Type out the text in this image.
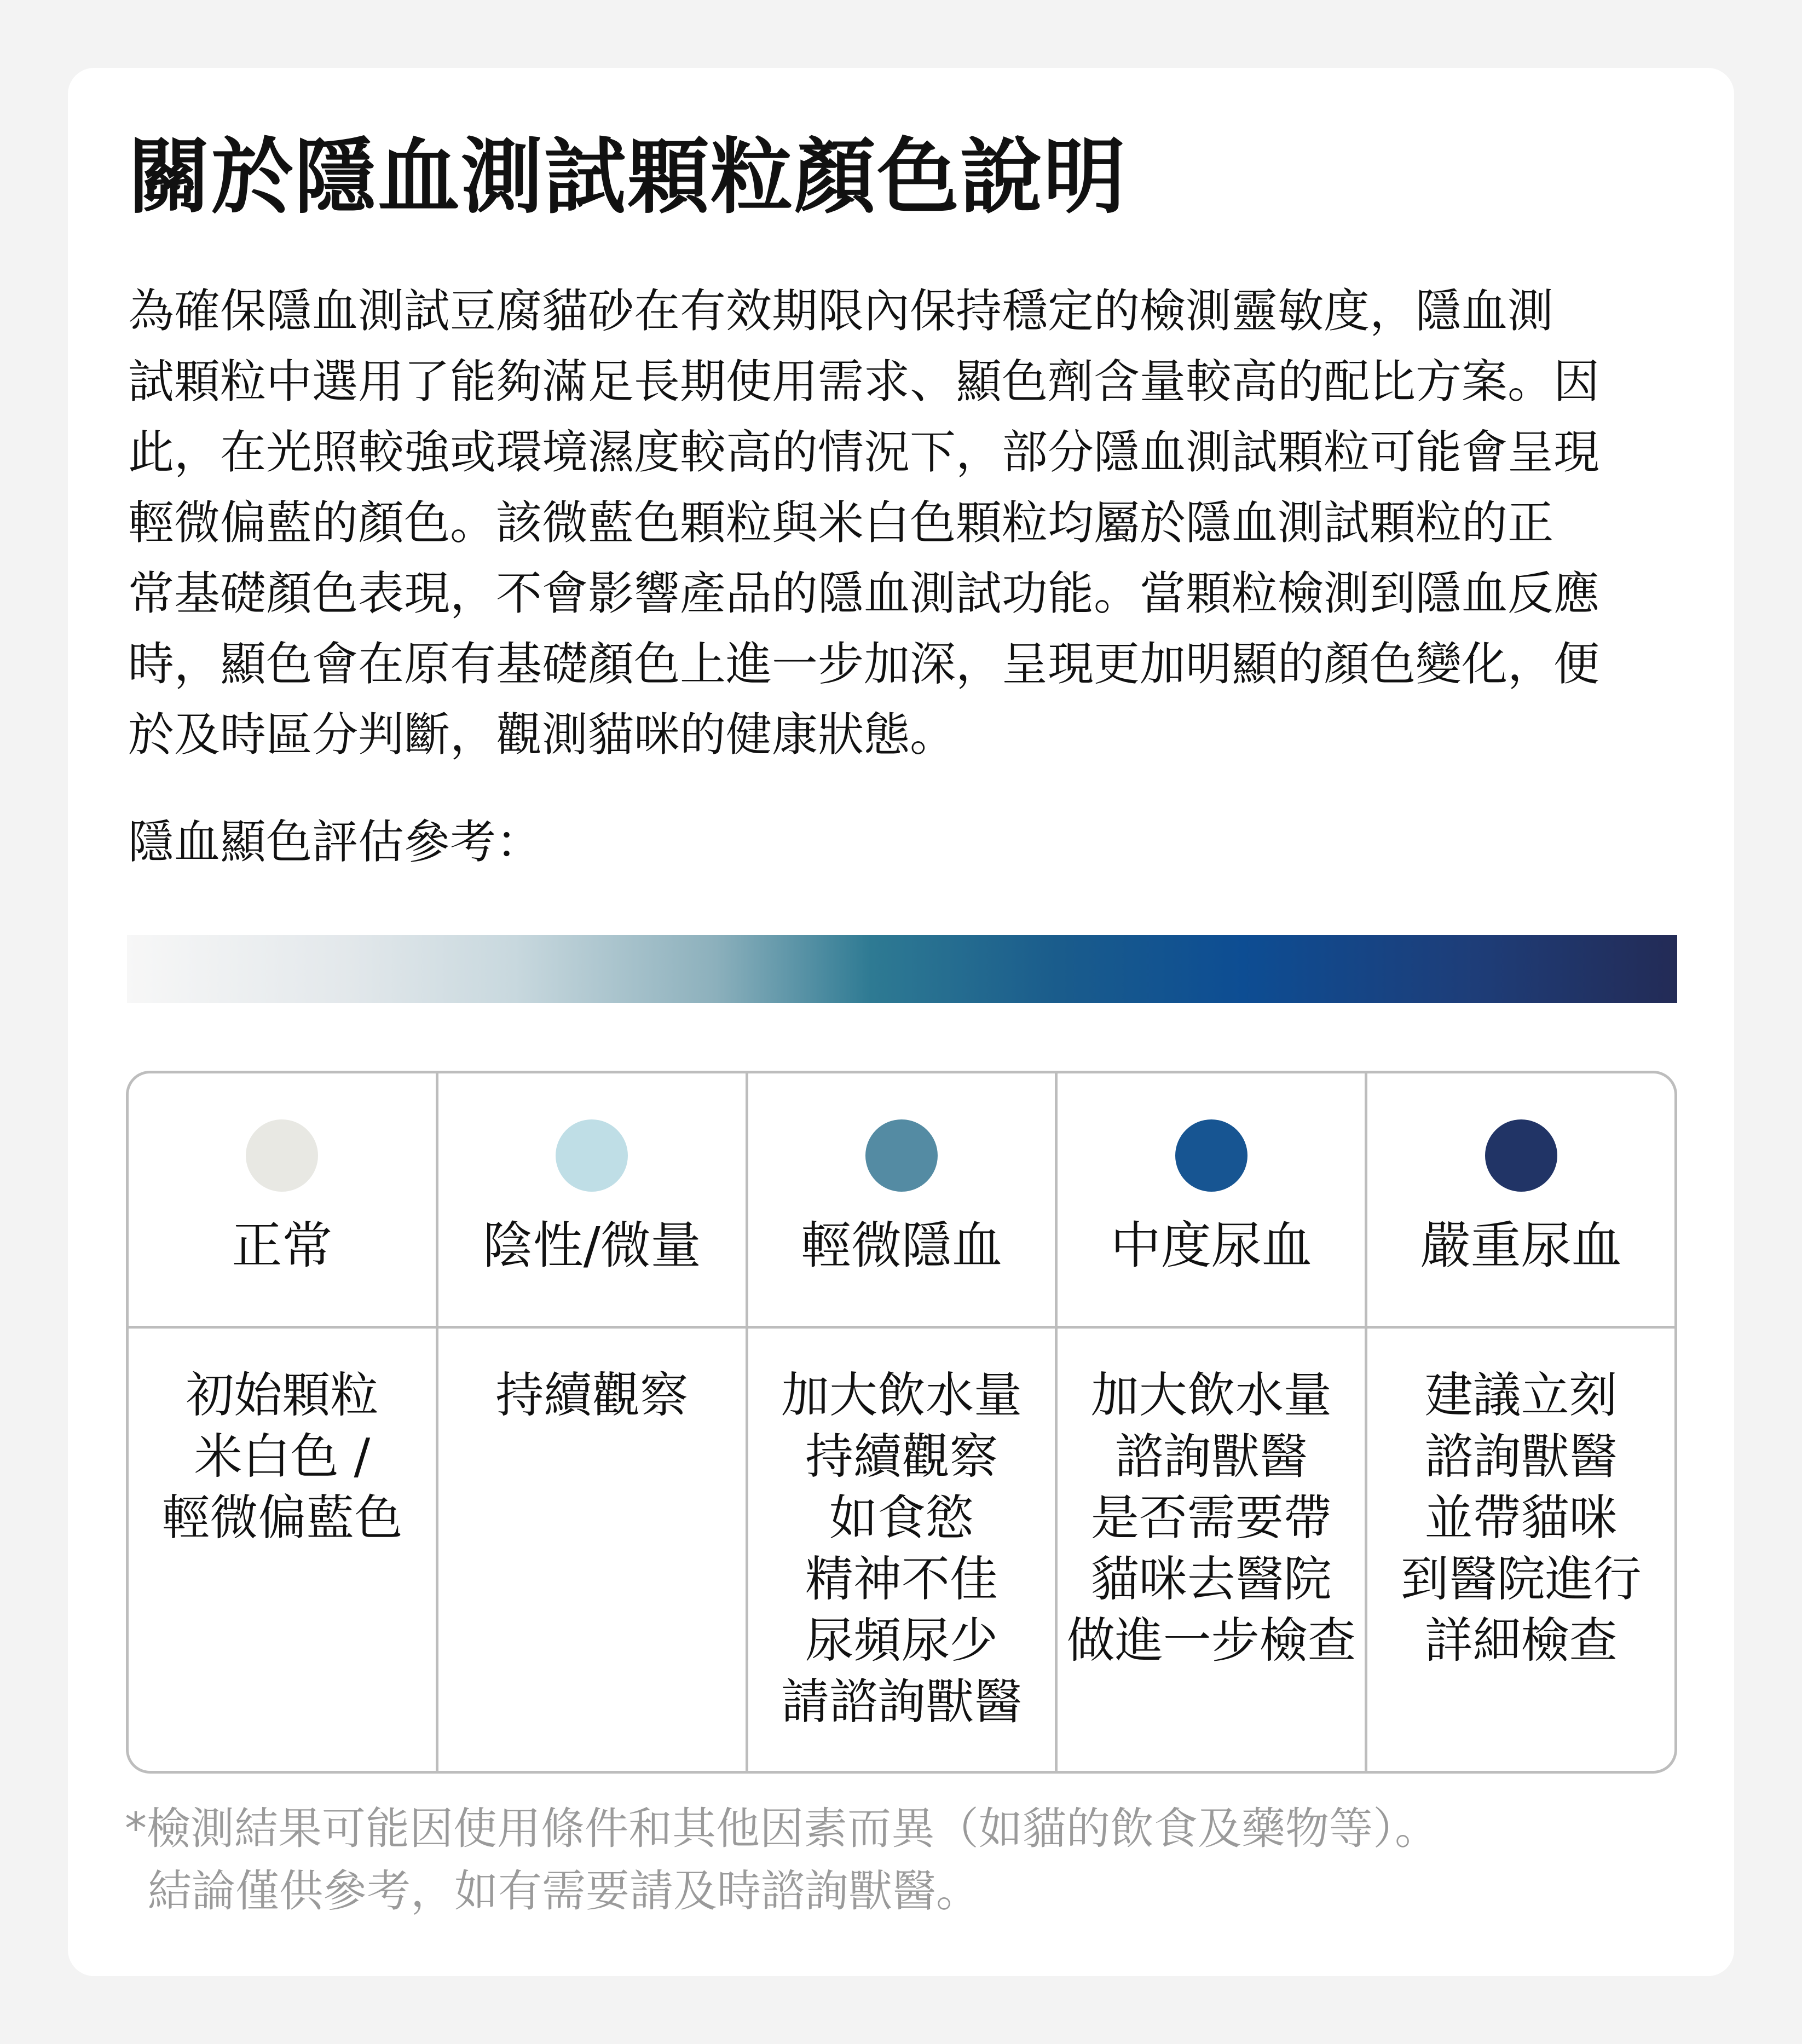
關於隱血測試顆粒顏色說明
為確保隱血測試豆腐貓砂在有效期限內保持穩定的檢測靈敏度，隱血測
試顆粒中選用了能夠滿足長期使用需求、顯色劑含量較高的配比方案。因
此，在光照較強或環境濕度較高的情況下，部分隱血測試顆粒可能會呈現
輕微偏藍的顏色。該微藍色顆粒與米白色顆粒均屬於隱血測試顆粒的正
常基礎顏色表現，不會影響產品的隱血測試功能。當顆粒檢測到隱血反應
時，顯色會在原有基礎顏色上進一步加深，呈現更加明顯的顏色變化，便
於及時區分判斷，觀測貓咪的健康狀態。
隱血顯色評估參考：
正常
初始顆粒
米白色 /
輕微偏藍色
陰性/微量
持續觀察
輕微隱血
加大飲水量
持續觀察
如食慾
精神不佳
尿頻尿少
請諮詢獸醫
中度尿血
加大飲水量
諮詢獸醫
是否需要帶
貓咪去醫院
做進一步檢查
嚴重尿血
建議立刻
諮詢獸醫
並帶貓咪
到醫院進行
詳細檢查
*檢測結果可能因使用條件和其他因素而異（如貓的飲食及藥物等）。
結論僅供參考，如有需要請及時諮詢獸醫。
